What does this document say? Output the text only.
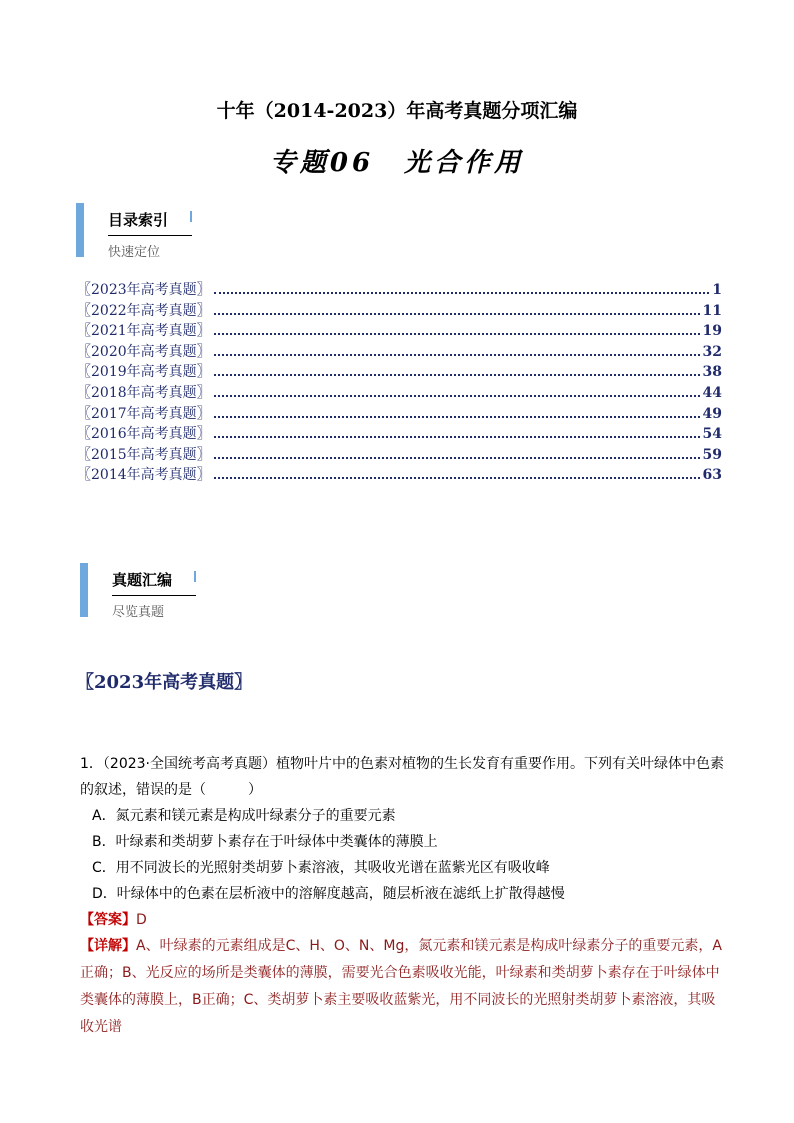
十年（2014-2023）年高考真题分项汇编
专题06　光合作用
目录索引
快速定位
〖2023年高考真题〗	1
〖2022年高考真题〗	11
〖2021年高考真题〗	19
〖2020年高考真题〗	32
〖2019年高考真题〗	38
〖2018年高考真题〗	44
〖2017年高考真题〗	49
〖2016年高考真题〗	54
〖2015年高考真题〗	59
〖2014年高考真题〗	63
真题汇编
尽览真题
〖2023年高考真题〗
1．（2023·全国统考高考真题）植物叶片中的色素对植物的生长发育有重要作用。下列有关叶绿体中色素的叙述，错误的是（　　　）
A．氮元素和镁元素是构成叶绿素分子的重要元素
B．叶绿素和类胡萝卜素存在于叶绿体中类囊体的薄膜上
C．用不同波长的光照射类胡萝卜素溶液，其吸收光谱在蓝紫光区有吸收峰
D．叶绿体中的色素在层析液中的溶解度越高，随层析液在滤纸上扩散得越慢
【答案】D
【详解】A、叶绿素的元素组成是C、H、O、N、Mg，氮元素和镁元素是构成叶绿素分子的重要元素，A正确；B、光反应的场所是类囊体的薄膜，需要光合色素吸收光能，叶绿素和类胡萝卜素存在于叶绿体中类囊体的薄膜上，B正确；C、类胡萝卜素主要吸收蓝紫光，用不同波长的光照射类胡萝卜素溶液，其吸收光谱
